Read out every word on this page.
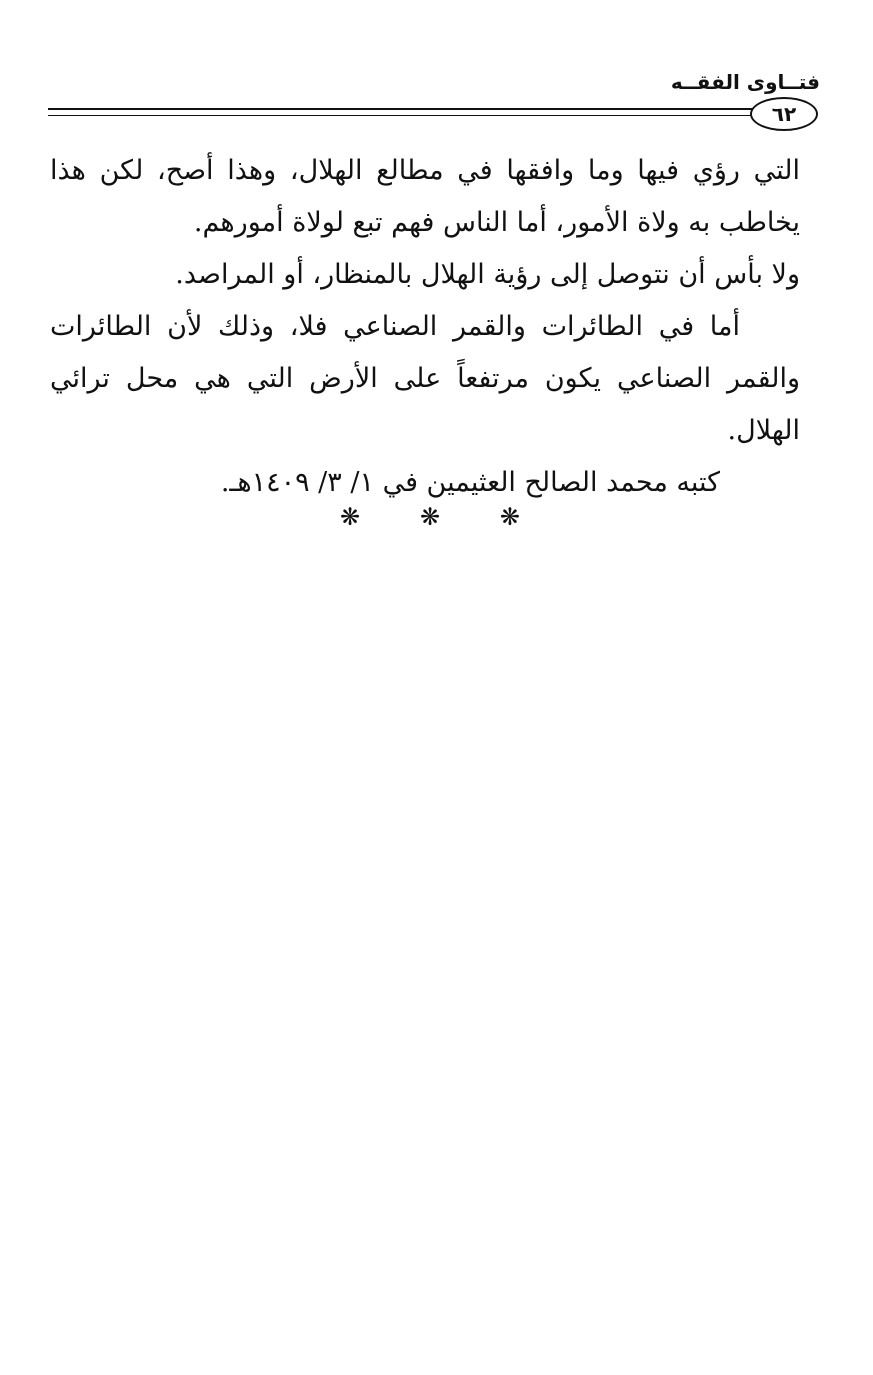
فتــاوى الفقــه
٦٢

التي رؤي فيها وما وافقها في مطالع الهلال، وهذا أصح، لكن هذا يخاطب به ولاة الأمور، أما الناس فهم تبع لولاة أمورهم.

ولا بأس أن نتوصل إلى رؤية الهلال بالمنظار، أو المراصد.

أما في الطائرات والقمر الصناعي فلا، وذلك لأن الطائرات والقمر الصناعي يكون مرتفعاً على الأرض التي هي محل ترائي الهلال.

كتبه محمد الصالح العثيمين في ١/ ٣/ ١٤٠٩هـ.

❋ ❋ ❋
